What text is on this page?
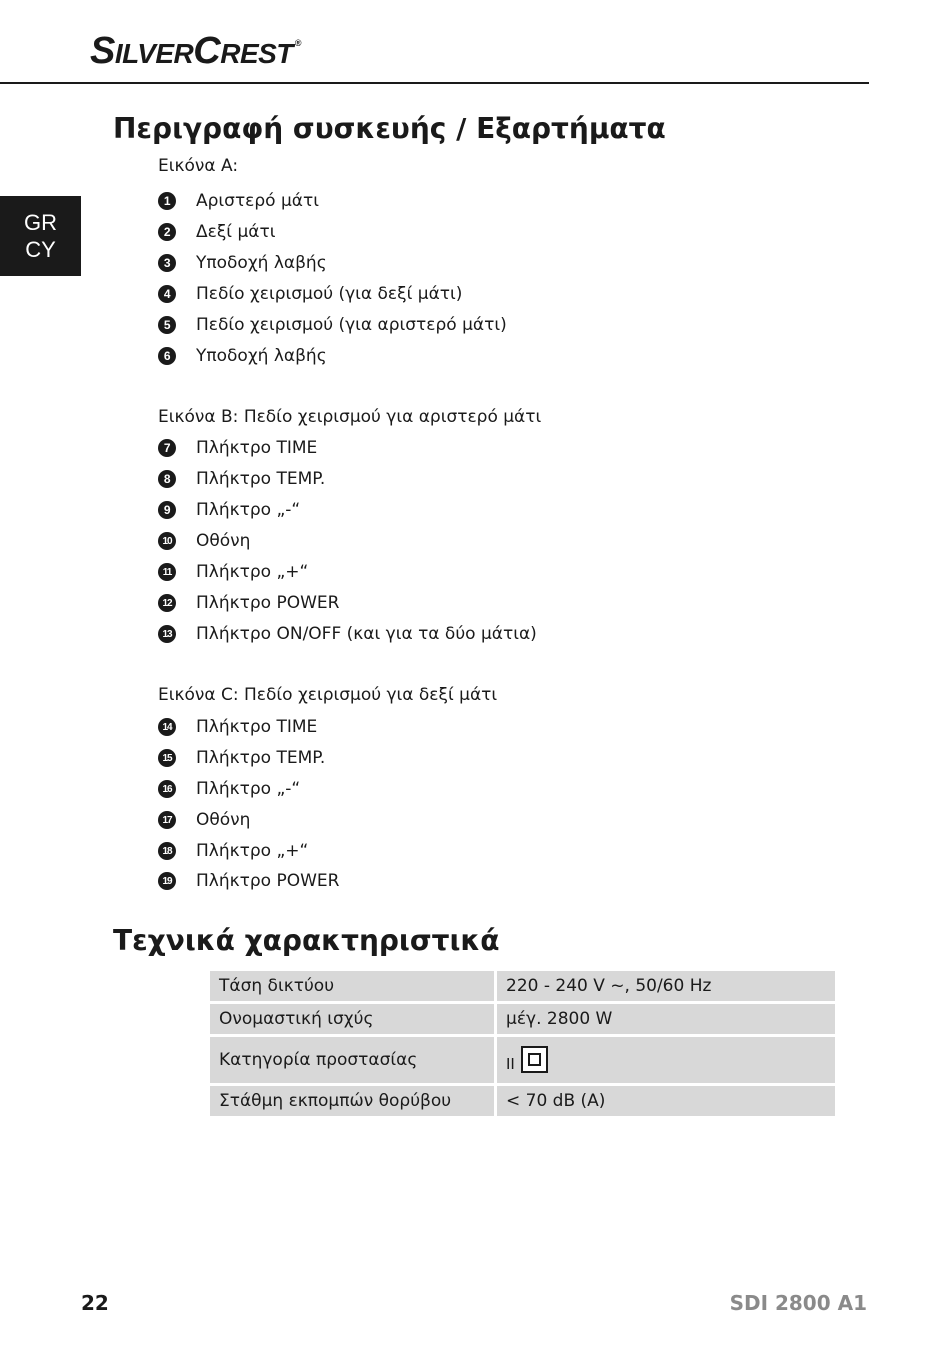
SILVERCREST ®
GR
CY
Περιγραφή συσκευής / Εξαρτήματα
Εικόνα A:
1	Αριστερό μάτι
2	Δεξί μάτι
3	Υποδοχή λαβής
4	Πεδίο χειρισμού (για δεξί μάτι)
5	Πεδίο χειρισμού (για αριστερό μάτι)
6	Υποδοχή λαβής
Εικόνα B: Πεδίο χειρισμού για αριστερό μάτι
7	Πλήκτρο TIME
8	Πλήκτρο TEMP.
9	Πλήκτρο „-“
10 Οθόνη
11 Πλήκτρο „+“
12 Πλήκτρο POWER
13 Πλήκτρο ON/OFF (και για τα δύο μάτια)
Εικόνα C: Πεδίο χειρισμού για δεξί μάτι
14 Πλήκτρο TIME
15 Πλήκτρο TEMP.
16 Πλήκτρο „-“
17 Οθόνη
18 Πλήκτρο „+“
19 Πλήκτρο POWER
Τεχνικά χαρακτηριστικά
Τάση δικτύου	220 - 240 V ~, 50/60 Hz
Ονομαστική ισχύς	μέγ. 2800 W
Κατηγορία προστασίας	II

Στάθμη εκπομπών θορύβου	< 70 dB (A)
22	SDI 2800 A1
